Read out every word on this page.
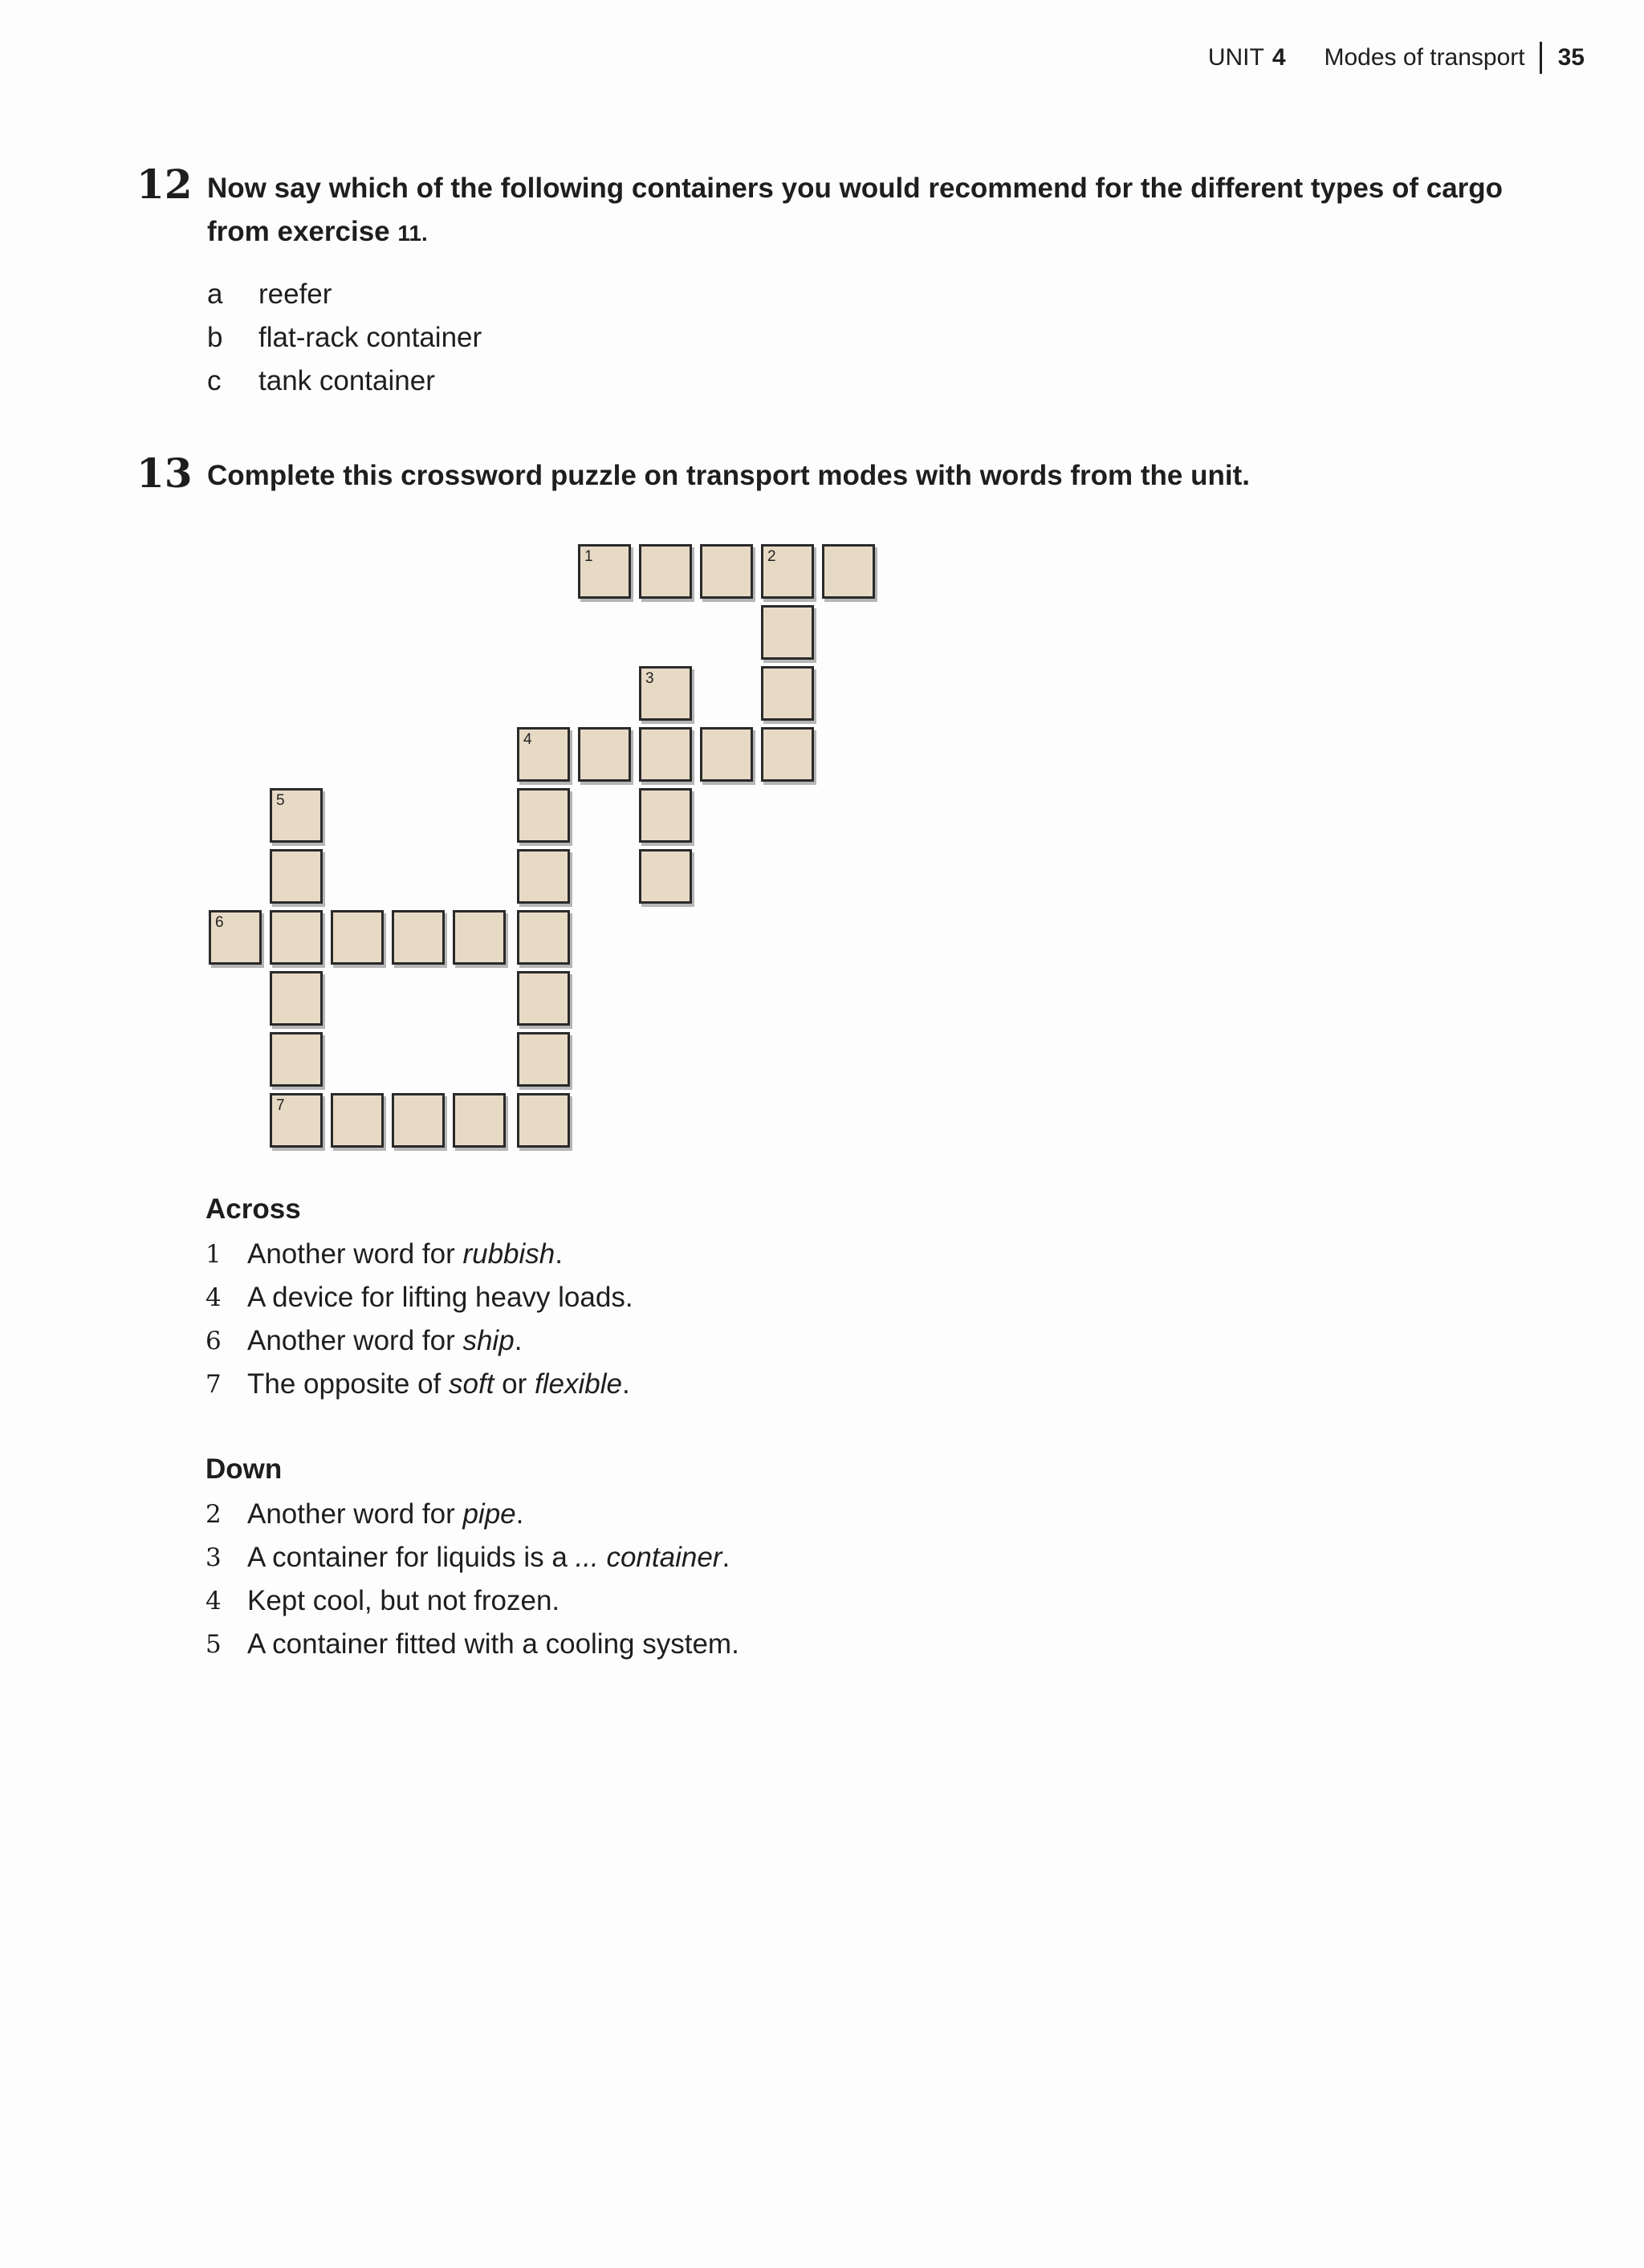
UNIT 4 Modes of transport 35
12 Now say which of the following containers you would recommend for the different types of cargo from exercise 11.
a	reefer
b	flat-rack container
c	tank container
13 Complete this crossword puzzle on transport modes with words from the unit.
1	2
3
4
5
6
7
Across
1 Another word for rubbish.
4 A device for lifting heavy loads.
6 Another word for ship.
7 The opposite of soft or flexible.
Down
2 Another word for pipe.
3 A container for liquids is a ... container.
4 Kept cool, but not frozen.
5 A container fitted with a cooling system.
